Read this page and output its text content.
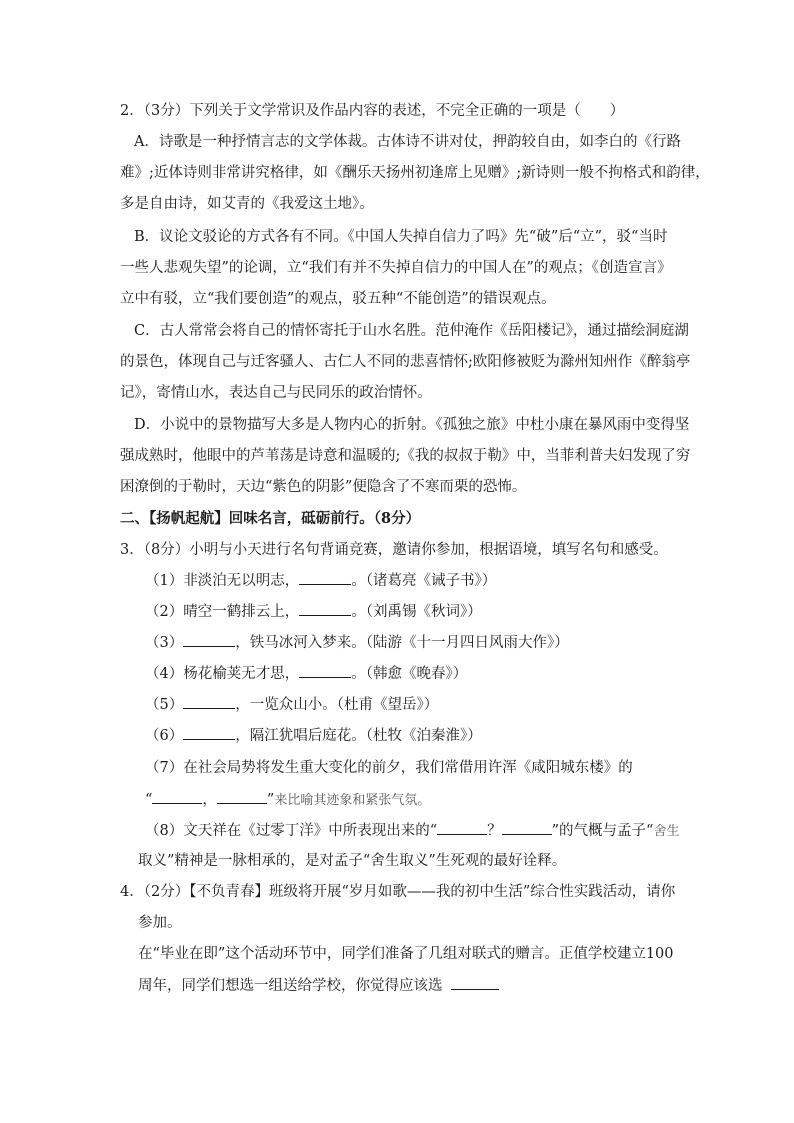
2．（3分）下列关于文学常识及作品内容的表述，不完全正确的一项是（　　）
A．诗歌是一种抒情言志的文学体裁。古体诗不讲对仗，押韵较自由，如李白的《行路
难》;近体诗则非常讲究格律，如《酬乐天扬州初逢席上见赠》;新诗则一般不拘格式和韵律，
多是自由诗，如艾青的《我爱这土地》。
B．议论文驳论的方式各有不同。《中国人失掉自信力了吗》先“破”后“立”，驳“当时
一些人悲观失望”的论调，立“我们有并不失掉自信力的中国人在”的观点；《创造宣言》
立中有驳，立“我们要创造”的观点，驳五种“不能创造”的错误观点。
C．古人常常会将自己的情怀寄托于山水名胜。范仲淹作《岳阳楼记》，通过描绘洞庭湖
的景色，体现自己与迁客骚人、古仁人不同的悲喜情怀;欧阳修被贬为滁州知州作《醉翁亭
记》，寄情山水，表达自己与民同乐的政治情怀。
D．小说中的景物描写大多是人物内心的折射。《孤独之旅》中杜小康在暴风雨中变得坚
强成熟时，他眼中的芦苇荡是诗意和温暖的;《我的叔叔于勒》中，当菲利普夫妇发现了穷
困潦倒的于勒时，天边“紫色的阴影”便隐含了不寒而栗的恐怖。
二、【扬帆起航】回味名言，砥砺前行。（8分）
3．（8分）小明与小天进行名句背诵竞赛，邀请你参加，根据语境，填写名句和感受。
（1）非淡泊无以明志，	。（诸葛亮《诫子书》）
（2）晴空一鹤排云上，	。（刘禹锡《秋词》）
（3）	，铁马冰河入梦来。（陆游《十一月四日风雨大作》）
（4）杨花榆荚无才思，	。（韩愈《晚春》）
（5）	，一览众山小。（杜甫《望岳》）
（6）	，隔江犹唱后庭花。（杜牧《泊秦淮》）
（7）在社会局势将发生重大变化的前夕，我们常借用许浑《咸阳城东楼》的
“	，	”来比喻其迹象和紧张气氛。
（8）文天祥在《过零丁洋》中所表现出来的“	？	”的气概与孟子“舍生
取义”精神是一脉相承的，是对孟子“舍生取义”生死观的最好诠释。
4．（2分）【不负青春】班级将开展“岁月如歌——我的初中生活”综合性实践活动，请你
参加。
在“毕业在即”这个活动环节中，同学们准备了几组对联式的赠言。正值学校建立100
周年，同学们想选一组送给学校，你觉得应该选
